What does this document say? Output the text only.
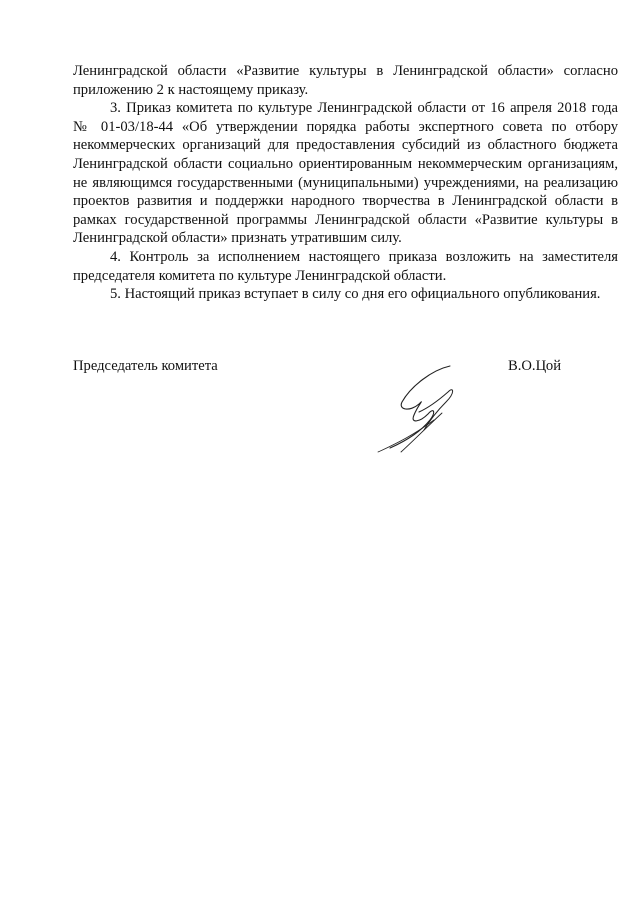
Ленинградской области «Развитие культуры в Ленинградской области» согласно приложению 2 к настоящему приказу.

3. Приказ комитета по культуре Ленинградской области от 16 апреля 2018 года № 01-03/18-44 «Об утверждении порядка работы экспертного совета по отбору некоммерческих организаций для предоставления субсидий из областного бюджета Ленинградской области социально ориентированным некоммерческим организациям, не являющимся государственными (муниципальными) учреждениями, на реализацию проектов развития и поддержки народного творчества в Ленинградской области в рамках государственной программы Ленинградской области «Развитие культуры в Ленинградской области» признать утратившим силу.

4. Контроль за исполнением настоящего приказа возложить на заместителя председателя комитета по культуре Ленинградской области.

5. Настоящий приказ вступает в силу со дня его официального опубликования.

Председатель комитета	В.О.Цой
